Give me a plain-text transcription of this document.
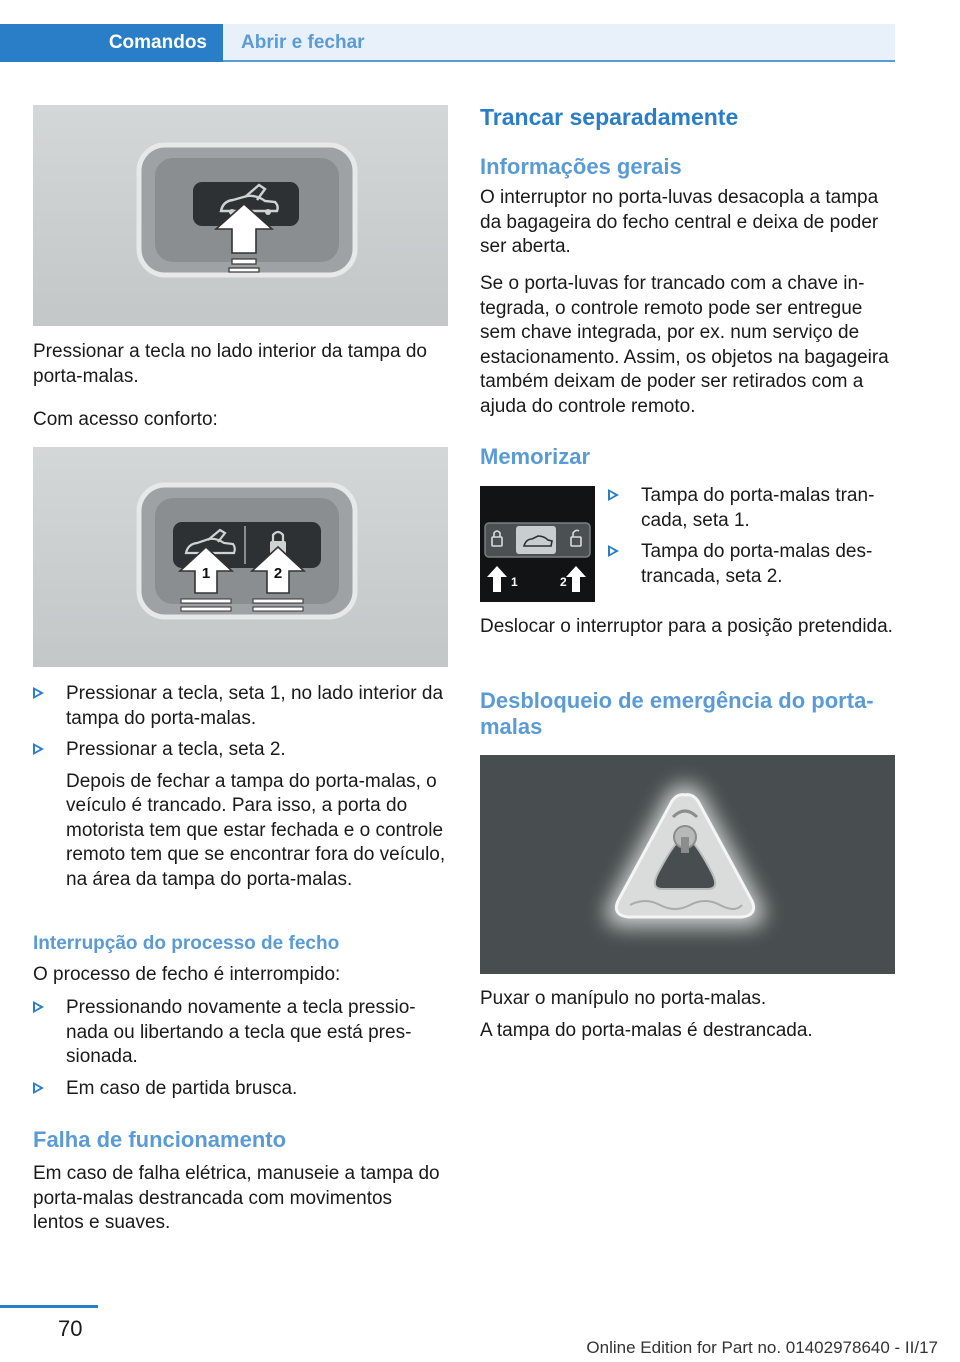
Comandos Abrir e fechar

Pressionar a tecla no lado interior da tampa do porta-malas.

Com acesso conforto:

1	2
Pressionar a tecla, seta 1, no lado interior da tampa do porta-malas.
Pressionar a tecla, seta 2.
Depois de fechar a tampa do porta-malas, o veículo é trancado. Para isso, a porta do motorista tem que estar fechada e o controle remoto tem que se encontrar fora do veículo, na área da tampa do porta-malas.
Interrupção do processo de fecho

O processo de fecho é interrompido:

Pressionando novamente a tecla pressionada ou libertando a tecla que está pressionada.
Em caso de partida brusca.
Falha de funcionamento

Em caso de falha elétrica, manuseie a tampa do porta-malas destrancada com movimentos lentos e suaves.

Trancar separadamente
Informações gerais

O interruptor no porta-luvas desacopla a tampa da bagageira do fecho central e deixa de poder ser aberta.

Se o porta-luvas for trancado com a chave integrada, o controle remoto pode ser entregue sem chave integrada, por ex. num serviço de estacionamento. Assim, os objetos na bagageira também deixam de poder ser retirados com a ajuda do controle remoto.

Memorizar
1	2
Tampa do porta-malas trancada, seta 1.
Tampa do porta-malas destrancada, seta 2.

Deslocar o interruptor para a posição pretendida.

Desbloqueio de emergência do porta-malas

Puxar o manípulo no porta-malas.

A tampa do porta-malas é destrancada.

70
Online Edition for Part no. 01402978640 - II/17
